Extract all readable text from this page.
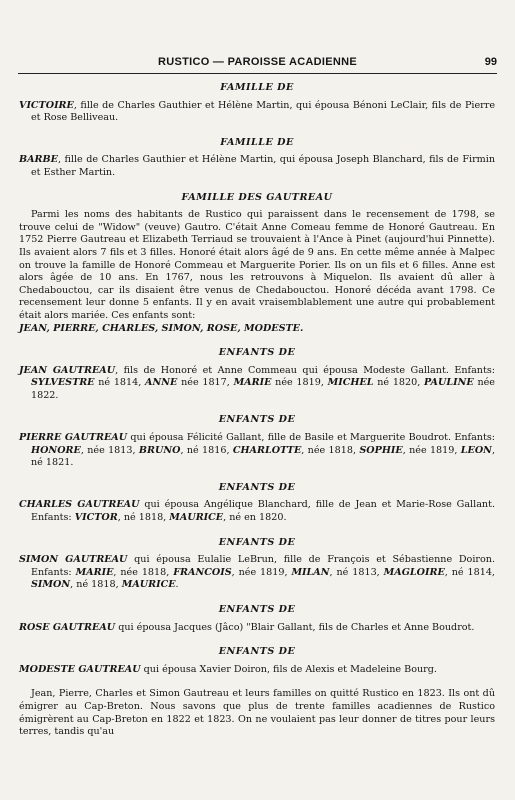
RUSTICO — PAROISSE ACADIENNE	99
FAMILLE DE

VICTOIRE, fille de Charles Gauthier et Hélène Martin, qui épousa Bénoni LeClair, fils de Pierre et Rose Belliveau.

FAMILLE DE

BARBE, fille de Charles Gauthier et Hélène Martin, qui épousa Joseph Blanchard, fils de Firmin et Esther Martin.

FAMILLE DES GAUTREAU

Parmi les noms des habitants de Rustico qui paraissent dans le recensement de 1798, se trouve celui de "Widow" (veuve) Gautro. C'était Anne Comeau femme de Honoré Gautreau. En 1752 Pierre Gautreau et Elizabeth Terriaud se trouvaient à l'Ance à Pinet (aujourd'hui Pinnette). Ils avaient alors 7 fils et 3 filles. Honoré était alors âgé de 9 ans. En cette même année à Malpec on trouve la famille de Honoré Commeau et Marguerite Porier. Ils on un fils et 6 filles. Anne est alors âgée de 10 ans. En 1767, nous les retrouvons à Miquelon. Ils avaient dû aller à Chedabouctou, car ils disaient être venus de Chedabouctou. Honoré décéda avant 1798. Ce recensement leur donne 5 enfants. Il y en avait vraisemblablement une autre qui probablement était alors mariée. Ces enfants sont:

JEAN, PIERRE, CHARLES, SIMON, ROSE, MODESTE.
ENFANTS DE

JEAN GAUTREAU, fils de Honoré et Anne Commeau qui épousa Modeste Gallant. Enfants: SYLVESTRE né 1814, ANNE née 1817, MARIE née 1819, MICHEL né 1820, PAULINE née 1822.

ENFANTS DE

PIERRE GAUTREAU qui épousa Félicité Gallant, fille de Basile et Marguerite Boudrot. Enfants: HONORE, née 1813, BRUNO, né 1816, CHARLOTTE, née 1818, SOPHIE, née 1819, LEON, né 1821.

ENFANTS DE

CHARLES GAUTREAU qui épousa Angélique Blanchard, fille de Jean et Marie-Rose Gallant. Enfants: VICTOR, né 1818, MAURICE, né en 1820.

ENFANTS DE

SIMON GAUTREAU qui épousa Eulalie LeBrun, fille de François et Sébastienne Doiron. Enfants: MARIE, née 1818, FRANCOIS, née 1819, MILAN, né 1813, MAGLOIRE, né 1814, SIMON, né 1818, MAURICE.

ENFANTS DE

ROSE GAUTREAU qui épousa Jacques (Jâco) "Blair Gallant, fils de Charles et Anne Boudrot.

ENFANTS DE

MODESTE GAUTREAU qui épousa Xavier Doiron, fils de Alexis et Madeleine Bourg.

Jean, Pierre, Charles et Simon Gautreau et leurs familles on quitté Rustico en 1823. Ils ont dû émigrer au Cap-Breton. Nous savons que plus de trente familles acadiennes de Rustico émigrèrent au Cap-Breton en 1822 et 1823. On ne voulaient pas leur donner de titres pour leurs terres, tandis qu'au
